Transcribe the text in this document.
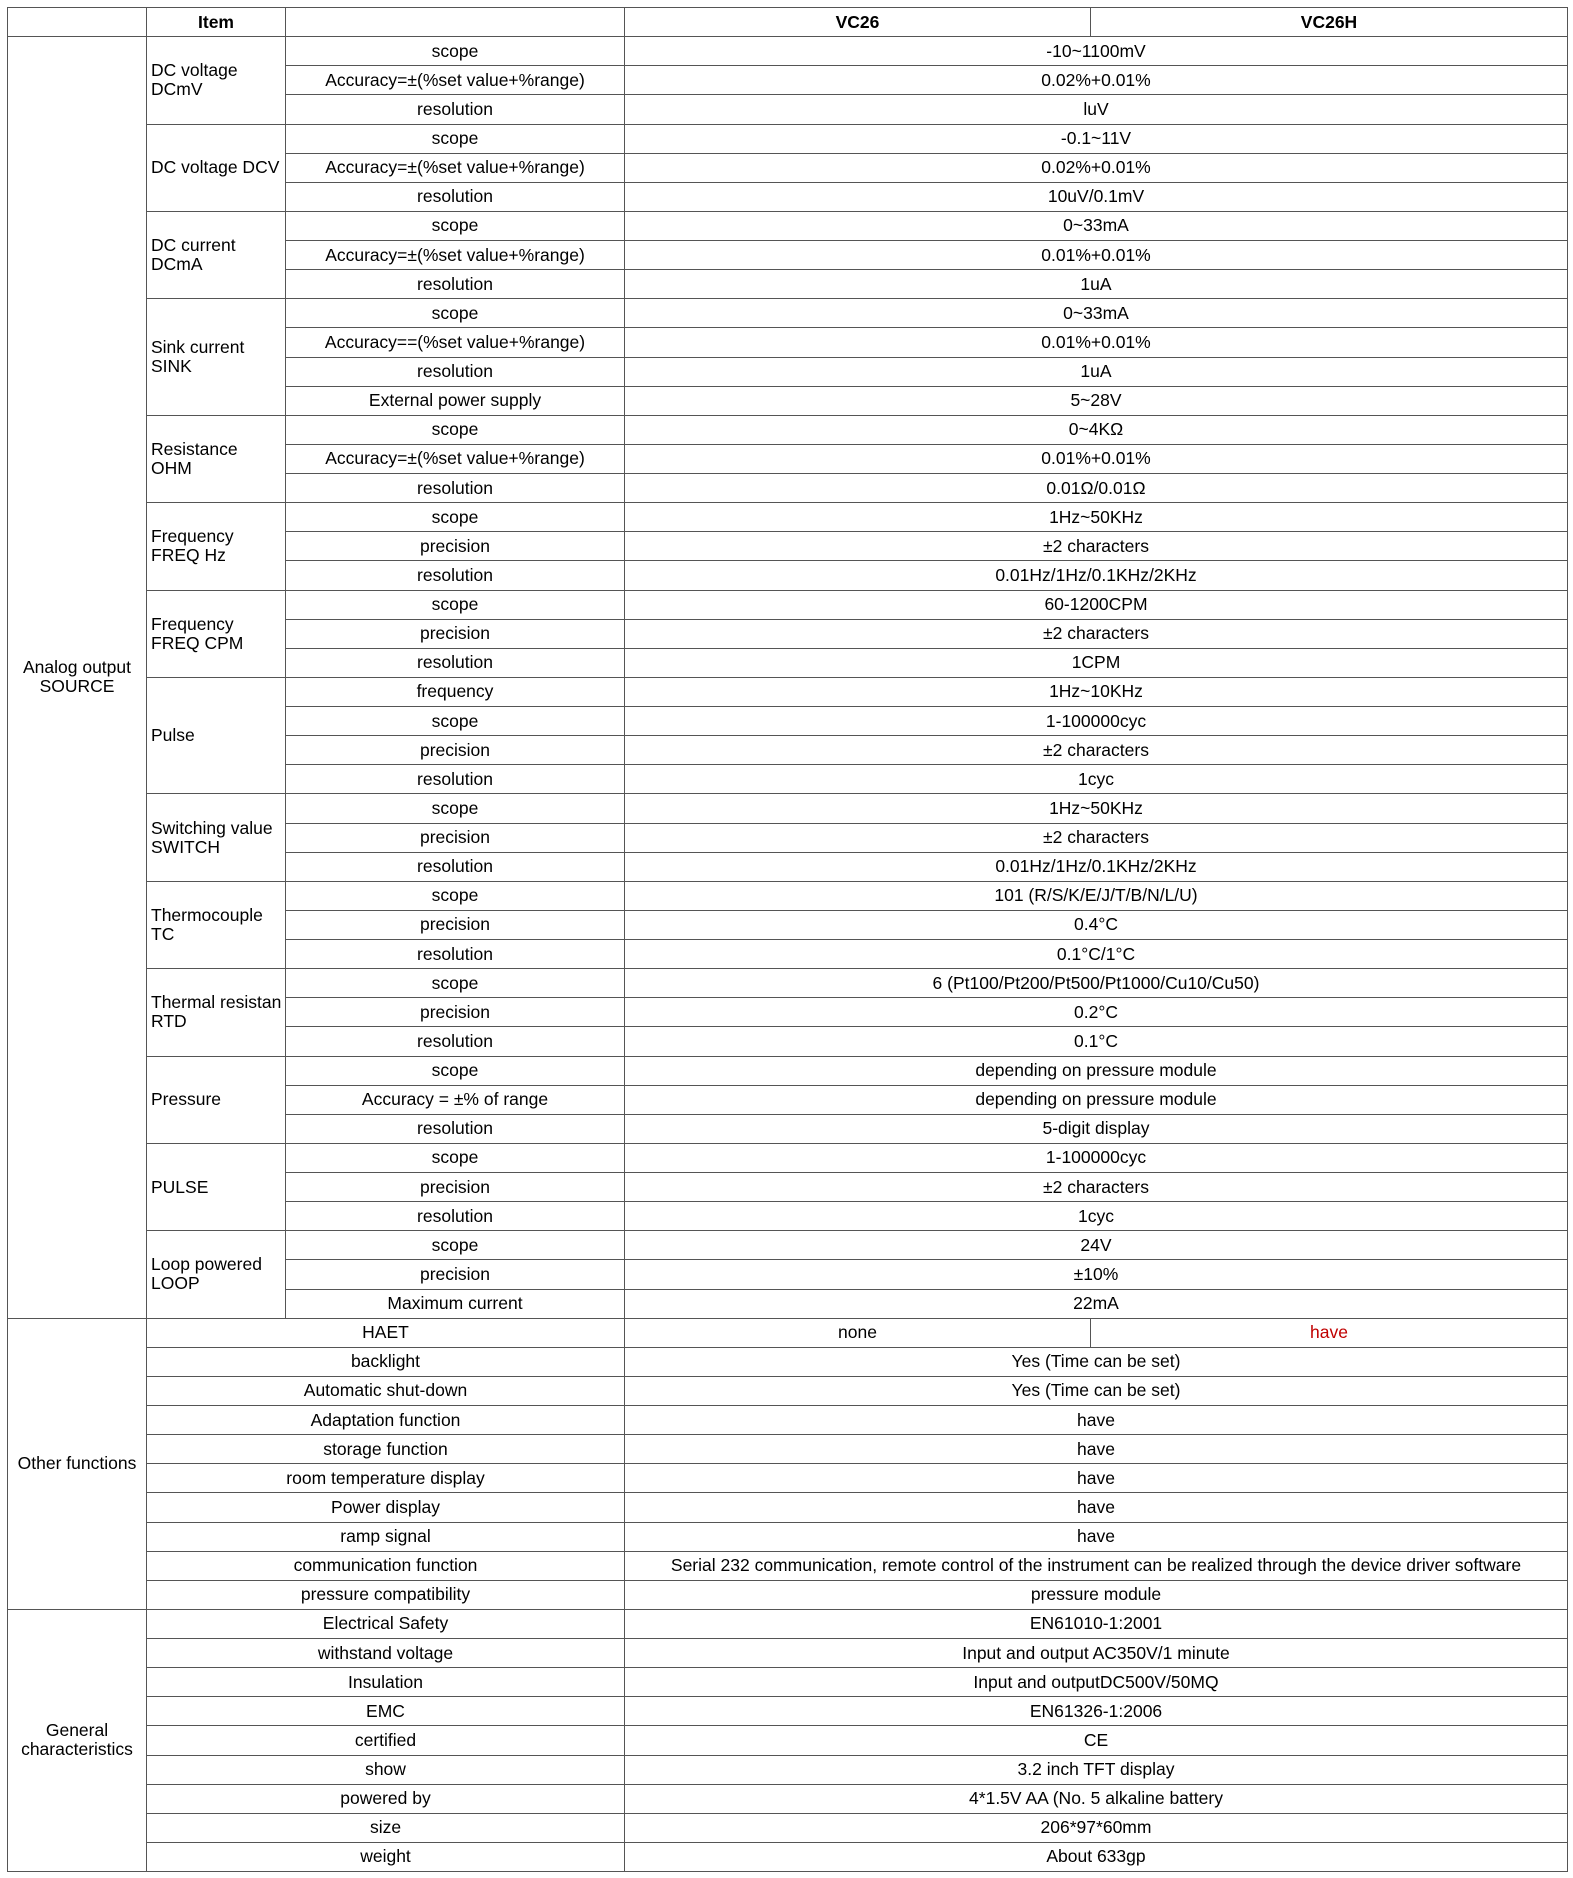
	Item		VC26	VC26H
Analog output SOURCE	DC voltage DCmV	scope	-10~1100mV	
		Accuracy=±(%set value+%range)	0.02%+0.01%	
		resolution	luV	
	DC voltage DCV	scope	-0.1~11V	
		Accuracy=±(%set value+%range)	0.02%+0.01%	
		resolution	10uV/0.1mV	
	DC current DCmA	scope	0~33mA	
		Accuracy=±(%set value+%range)	0.01%+0.01%	
		resolution	1uA	
	Sink current SINK	scope	0~33mA	
		Accuracy==(%set value+%range)	0.01%+0.01%	
		resolution	1uA	
		External power supply	5~28V	
	Resistance OHM	scope	0~4KΩ	
		Accuracy=±(%set value+%range)	0.01%+0.01%	
		resolution	0.01Ω/0.01Ω	
	Frequency FREQ Hz	scope	1Hz~50KHz	
		precision	±2 characters	
		resolution	0.01Hz/1Hz/0.1KHz/2KHz	
	Frequency FREQ CPM	scope	60-1200CPM	
		precision	±2 characters	
		resolution	1CPM	
	Pulse	frequency	1Hz~10KHz	
		scope	1-100000cyc	
		precision	±2 characters	
		resolution	1cyc	
	Switching value SWITCH	scope	1Hz~50KHz	
		precision	±2 characters	
		resolution	0.01Hz/1Hz/0.1KHz/2KHz	
	Thermocouple TC	scope	101 (R/S/K/E/J/T/B/N/L/U)	
		precision	0.4°C	
		resolution	0.1°C/1°C	
	Thermal resistan RTD	scope	6 (Pt100/Pt200/Pt500/Pt1000/Cu10/Cu50)	
		precision	0.2°C	
		resolution	0.1°C	
	Pressure	scope	depending on pressure module	
		Accuracy = ±% of range	depending on pressure module	
		resolution	5-digit display	
	PULSE	scope	1-100000cyc	
		precision	±2 characters	
		resolution	1cyc	
	Loop powered LOOP	scope	24V	
		precision	±10%	
		Maximum current	22mA	
Other functions	HAET		none	have
	backlight		Yes (Time can be set)	
	Automatic shut-down		Yes (Time can be set)	
	Adaptation function		have	
	storage function		have	
	room temperature display		have	
	Power display		have	
	ramp signal		have	
	communication function		Serial 232 communication, remote control of the instrument can be realized through the device driver software	
	pressure compatibility		pressure module	
General characteristics	Electrical Safety		EN61010-1:2001	
	withstand voltage		Input and output AC350V/1 minute	
	Insulation		Input and outputDC500V/50MQ	
	EMC		EN61326-1:2006	
	certified		CE	
	show		3.2 inch TFT display	
	powered by		4*1.5V AA (No. 5 alkaline battery	
	size		206*97*60mm	
	weight		About 633gp	
